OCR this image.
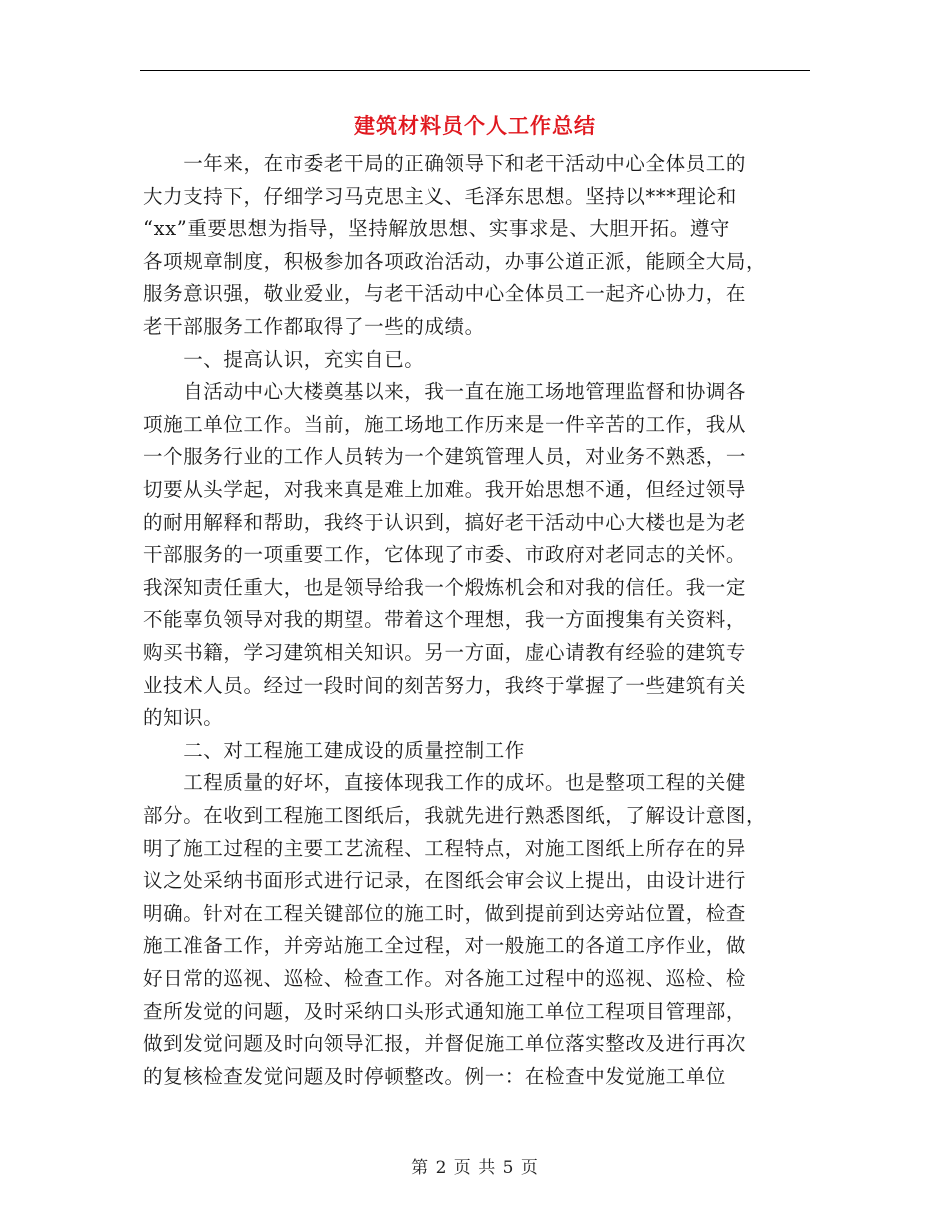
建筑材料员个人工作总结
　　一年来，在市委老干局的正确领导下和老干活动中心全体员工的
大力支持下，仔细学习马克思主义、毛泽东思想。坚持以***理论和
“xx”重要思想为指导，坚持解放思想、实事求是、大胆开拓。遵守
各项规章制度，积极参加各项政治活动，办事公道正派，能顾全大局，
服务意识强，敬业爱业，与老干活动中心全体员工一起齐心协力，在
老干部服务工作都取得了一些的成绩。
　　一、提高认识，充实自已。
　　自活动中心大楼奠基以来，我一直在施工场地管理监督和协调各
项施工单位工作。当前，施工场地工作历来是一件辛苦的工作，我从
一个服务行业的工作人员转为一个建筑管理人员，对业务不熟悉，一
切要从头学起，对我来真是难上加难。我开始思想不通，但经过领导
的耐用解释和帮助，我终于认识到，搞好老干活动中心大楼也是为老
干部服务的一项重要工作，它体现了市委、市政府对老同志的关怀。
我深知责任重大，也是领导给我一个煅炼机会和对我的信任。我一定
不能辜负领导对我的期望。带着这个理想，我一方面搜集有关资料，
购买书籍，学习建筑相关知识。另一方面，虚心请教有经验的建筑专
业技术人员。经过一段时间的刻苦努力，我终于掌握了一些建筑有关
的知识。
　　二、对工程施工建成设的质量控制工作
　　工程质量的好坏，直接体现我工作的成坏。也是整项工程的关健
部分。在收到工程施工图纸后，我就先进行熟悉图纸，了解设计意图，
明了施工过程的主要工艺流程、工程特点，对施工图纸上所存在的异
议之处采纳书面形式进行记录，在图纸会审会议上提出，由设计进行
明确。针对在工程关键部位的施工时，做到提前到达旁站位置，检查
施工准备工作，并旁站施工全过程，对一般施工的各道工序作业，做
好日常的巡视、巡检、检查工作。对各施工过程中的巡视、巡检、检
查所发觉的问题，及时采纳口头形式通知施工单位工程项目管理部，
做到发觉问题及时向领导汇报，并督促施工单位落实整改及进行再次
的复核检查发觉问题及时停顿整改。例一：在检查中发觉施工单位
第 2 页 共 5 页
